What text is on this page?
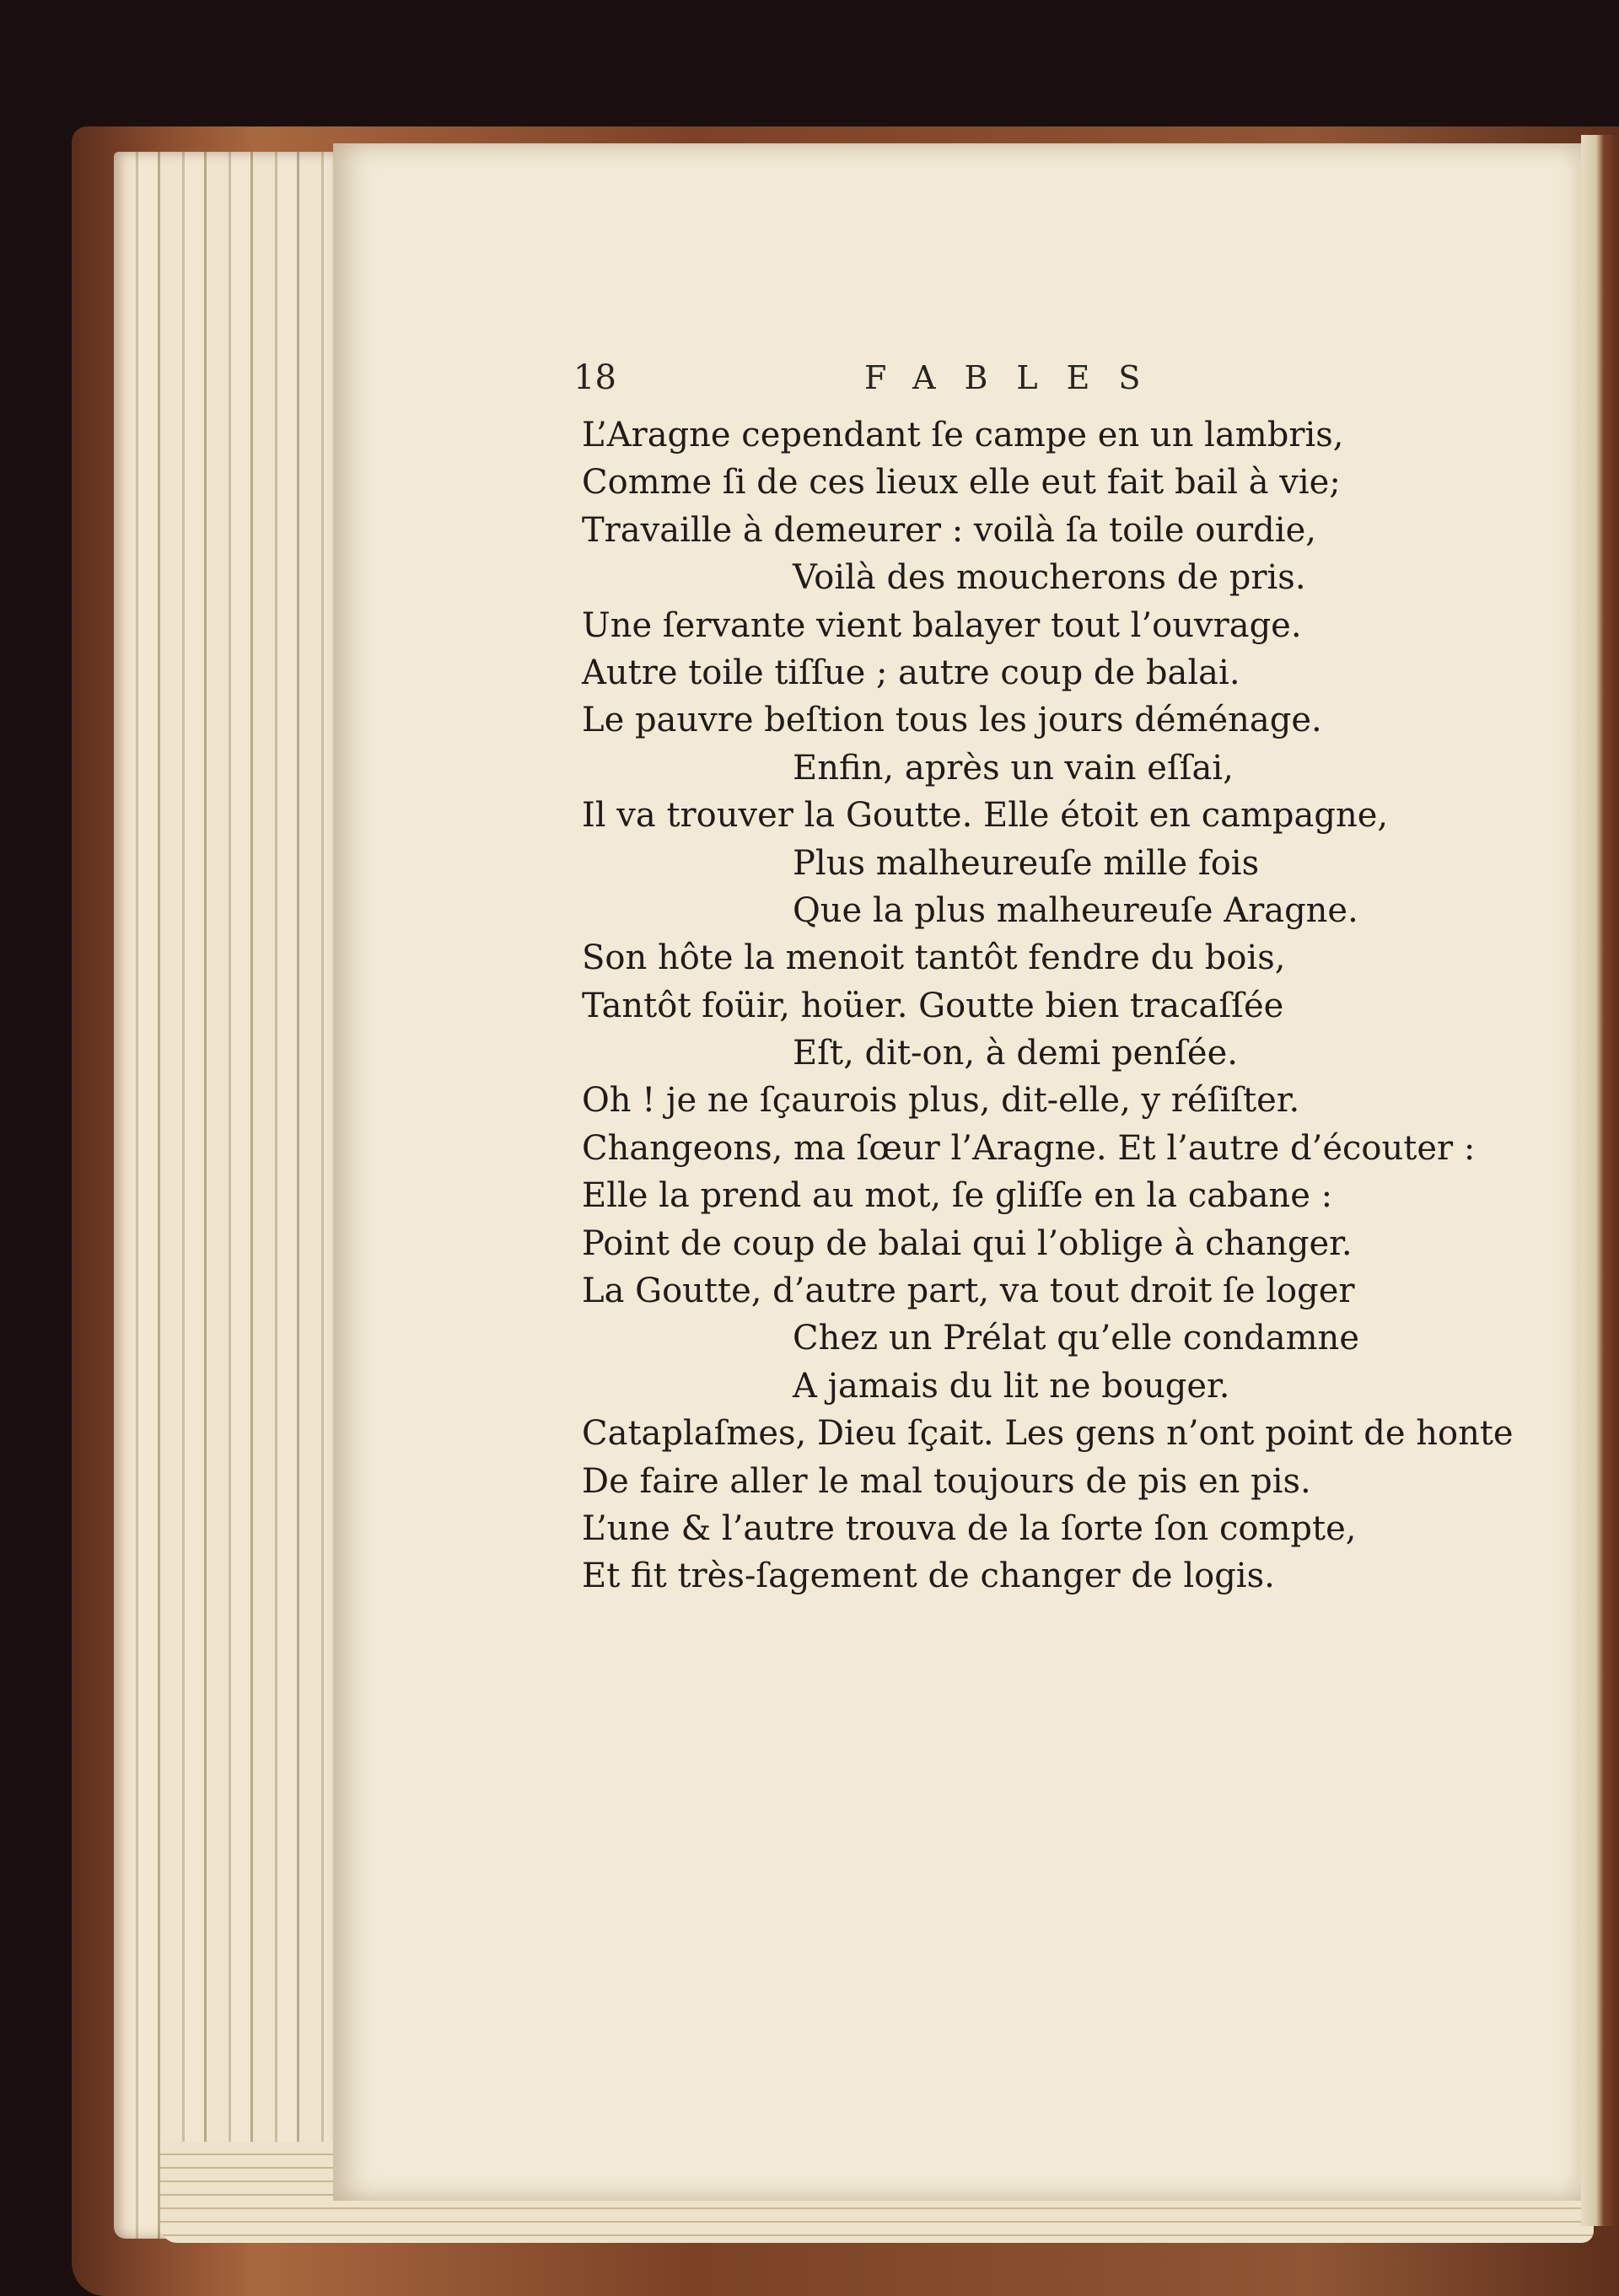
18	FABLES
L’Aragne cependant ſe campe en un lambris,
Comme ſi de ces lieux elle eut fait bail à vie;
Travaille à demeurer : voilà ſa toile ourdie,
Voilà des moucherons de pris.
Une ſervante vient balayer tout l’ouvrage.
Autre toile tiſſue ; autre coup de balai.
Le pauvre beſtion tous les jours déménage.
Enfin, après un vain eſſai,
Il va trouver la Goutte. Elle étoit en campagne,
Plus malheureuſe mille fois
Que la plus malheureuſe Aragne.
Son hôte la menoit tantôt fendre du bois,
Tantôt foüir, hoüer. Goutte bien tracaſſée
Eſt, dit-on, à demi penſée.
Oh ! je ne ſçaurois plus, dit-elle, y réſiſter.
Changeons, ma ſœur l’Aragne. Et l’autre d’écouter :
Elle la prend au mot, ſe gliſſe en la cabane :
Point de coup de balai qui l’oblige à changer.
La Goutte, d’autre part, va tout droit ſe loger
Chez un Prélat qu’elle condamne
A jamais du lit ne bouger.
Cataplaſmes, Dieu ſçait. Les gens n’ont point de honte
De faire aller le mal toujours de pis en pis.
L’une & l’autre trouva de la ſorte ſon compte,
Et fit très-ſagement de changer de logis.
